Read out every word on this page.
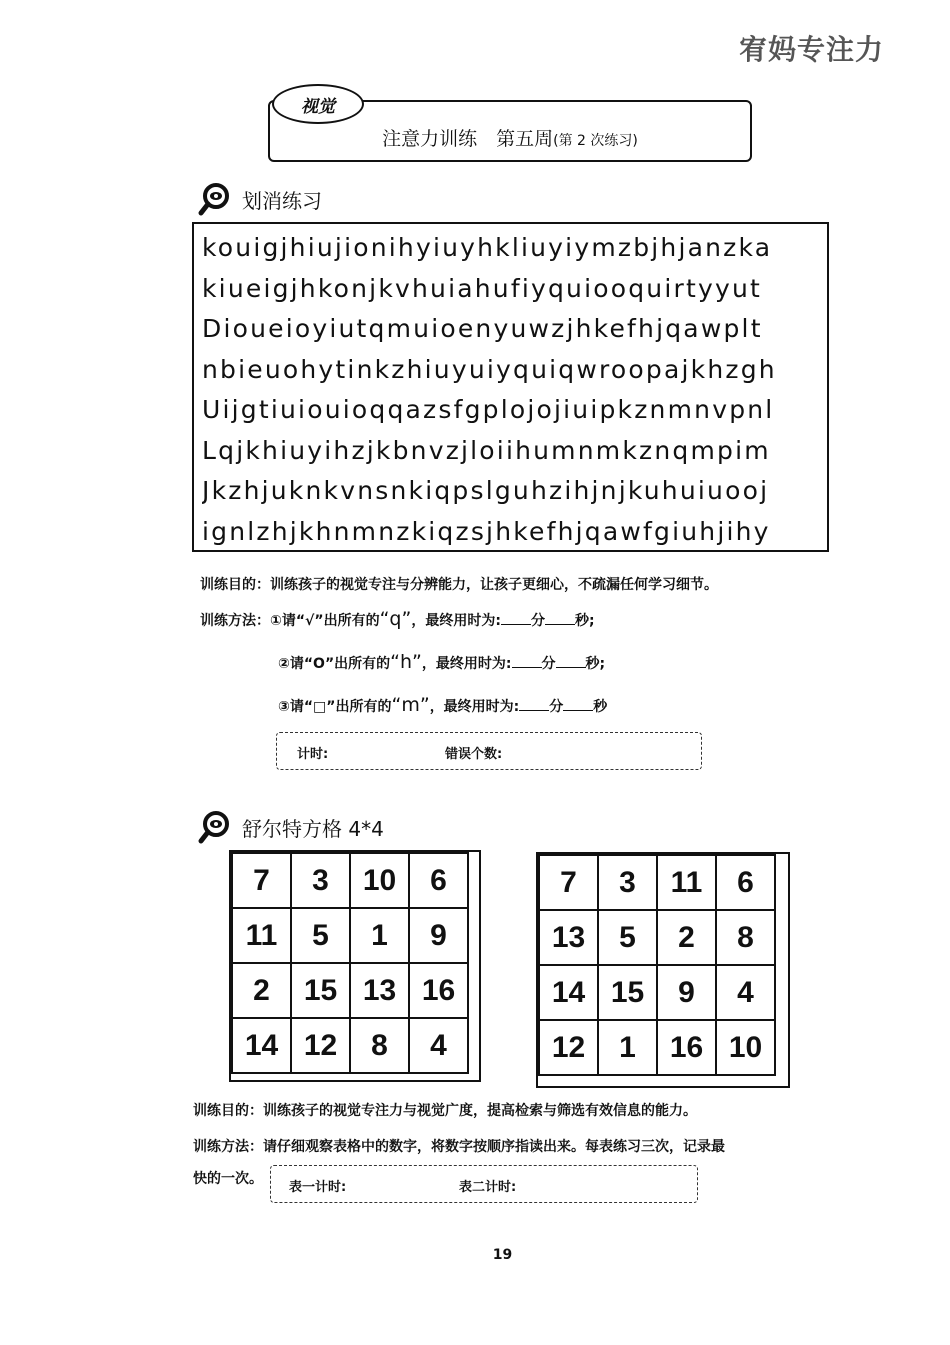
宥妈专注力
注意力训练　第五周(第 2 次练习)
视觉
划消练习
kouigjhiujionihyiuyhkliuyiymzbjhjanzka
kiueigjhkonjkvhuiahufiyquiooquirtyyut
Dioueioyiutqmuioenyuwzjhkefhjqawplt
nbieuohytinkzhiuyuiyquiqwroopajkhzgh
Uijgtiuiouioqqazsfgplojojiuipkznmnvpnl
Lqjkhiuyihzjkbnvzjloiihumnmkznqmpim
Jkzhjuknkvnsnkiqpslguhzihjnjkuhuiuooj
ignlzhjkhnmnzkiqzsjhkefhjqawfgiuhjihy
训练目的：训练孩子的视觉专注与分辨能力，让孩子更细心，不疏漏任何学习细节。
训练方法：①请“√”出所有的“q”，最终用时为: 分 秒;
②请“O”出所有的“h”，最终用时为: 分 秒;
③请“□”出所有的“m”，最终用时为: 分 秒
计时:	错误个数:
舒尔特方格 4*4
7	3	10	6
11	5	1	9
2	15	13	16
14	12	8	4
7	3	11	6
13	5	2	8
14	15	9	4
12	1	16	10
训练目的：训练孩子的视觉专注力与视觉广度，提高检索与筛选有效信息的能力。
训练方法：请仔细观察表格中的数字，将数字按顺序指读出来。每表练习三次，记录最
快的一次。
表一计时:	表二计时:
19
